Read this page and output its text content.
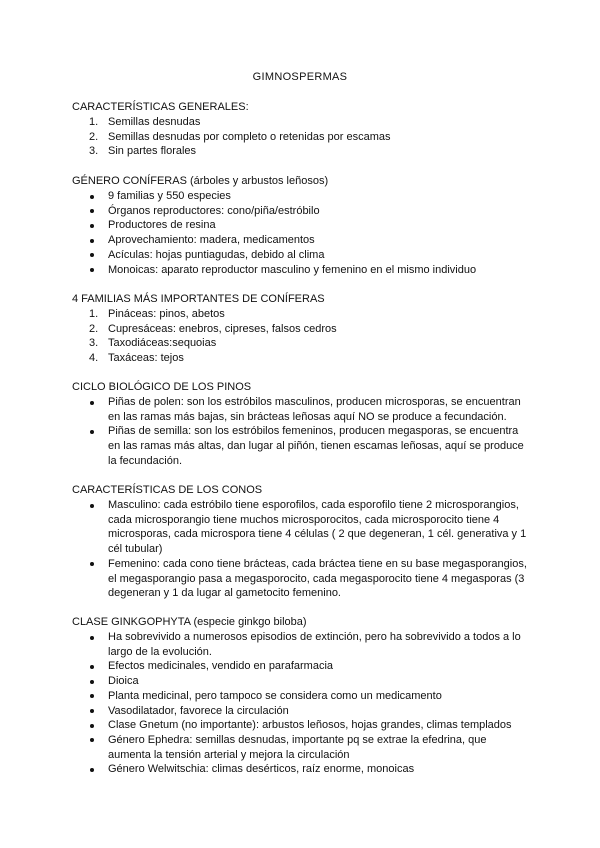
GIMNOSPERMAS

CARACTERÍSTICAS GENERALES:

1. Semillas desnudas
2. Semillas desnudas por completo o retenidas por escamas
3. Sin partes florales

GÉNERO CONÍFERAS (árboles y arbustos leñosos)

9 familias y 550 especies
Órganos reproductores: cono/piña/estróbilo
Productores de resina
Aprovechamiento: madera, medicamentos
Acículas: hojas puntiagudas, debido al clima
Monoicas: aparato reproductor masculino y femenino en el mismo individuo

4 FAMILIAS MÁS IMPORTANTES DE CONÍFERAS

1. Pináceas: pinos, abetos
2. Cupresáceas: enebros, cipreses, falsos cedros
3. Taxodiáceas:sequoias
4. Taxáceas: tejos

CICLO BIOLÓGICO DE LOS PINOS

Piñas de polen: son los estróbilos masculinos, producen microsporas, se encuentran en las ramas más bajas, sin brácteas leñosas aquí NO se produce a fecundación.
Piñas de semilla: son los estróbilos femeninos, producen megasporas, se encuentra en las ramas más altas, dan lugar al piñón, tienen escamas leñosas, aquí se produce la fecundación.

CARACTERÍSTICAS DE LOS CONOS

Masculino: cada estróbilo tiene esporofilos, cada esporofilo tiene 2 microsporangios, cada microsporangio tiene muchos microsporocitos, cada microsporocito tiene 4 microsporas, cada microspora tiene 4 células ( 2 que degeneran, 1 cél. generativa y 1 cél tubular)
Femenino: cada cono tiene brácteas, cada bráctea tiene en su base megasporangios, el megasporangio pasa a megasporocito, cada megasporocito tiene 4 megasporas (3 degeneran y 1 da lugar al gametocito femenino.

CLASE GINKGOPHYTA (especie ginkgo biloba)

Ha sobrevivido a numerosos episodios de extinción, pero ha sobrevivido a todos a lo largo de la evolución.
Efectos medicinales, vendido en parafarmacia
Dioica
Planta medicinal, pero tampoco se considera como un medicamento
Vasodilatador, favorece la circulación
Clase Gnetum (no importante): arbustos leñosos, hojas grandes, climas templados
Género Ephedra: semillas desnudas, importante pq se extrae la efedrina, que aumenta la tensión arterial y mejora la circulación
Género Welwitschia: climas desérticos, raíz enorme, monoicas
